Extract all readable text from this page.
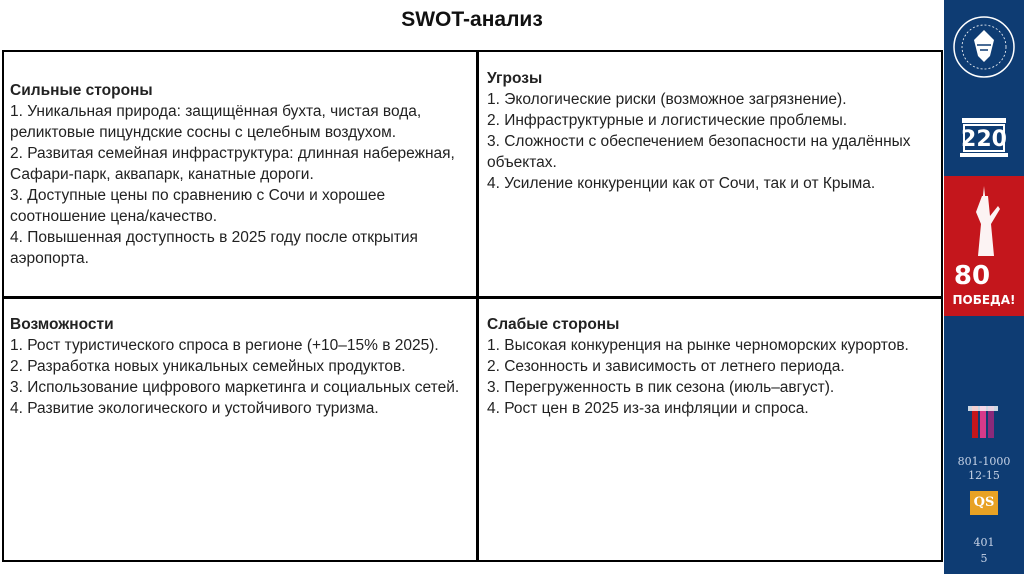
SWOT-анализ
Сильные стороны
1. Уникальная природа: защищённая бухта, чистая вода, реликтовые пицундские сосны с целебным воздухом.
2. Развитая семейная инфраструктура: длинная набережная, Сафари-парк, аквапарк, канатные дороги.
3. Доступные цены по сравнению с Сочи и хорошее соотношение цена/качество.
4. Повышенная доступность в 2025 году после открытия аэропорта.
Угрозы
1. Экологические риски (возможное загрязнение).
2. Инфраструктурные и логистические проблемы.
3. Сложности с обеспечением безопасности на удалённых объектах.
4. Усиление конкуренции как от Сочи, так и от Крыма.
Возможности
1. Рост туристического спроса в регионе (+10–15% в 2025).
2. Разработка новых уникальных семейных продуктов.
3. Использование цифрового маркетинга и социальных сетей.
4. Развитие экологического и устойчивого туризма.
Слабые стороны
1. Высокая конкуренция на рынке черноморских курортов.
2. Сезонность и зависимость от летнего периода.
3. Перегруженность в пик сезона (июль–август).
4. Рост цен в 2025 из-за инфляции и спроса.
220
80
ПОБЕДА!
801-1000
12-15
QS
401
5
